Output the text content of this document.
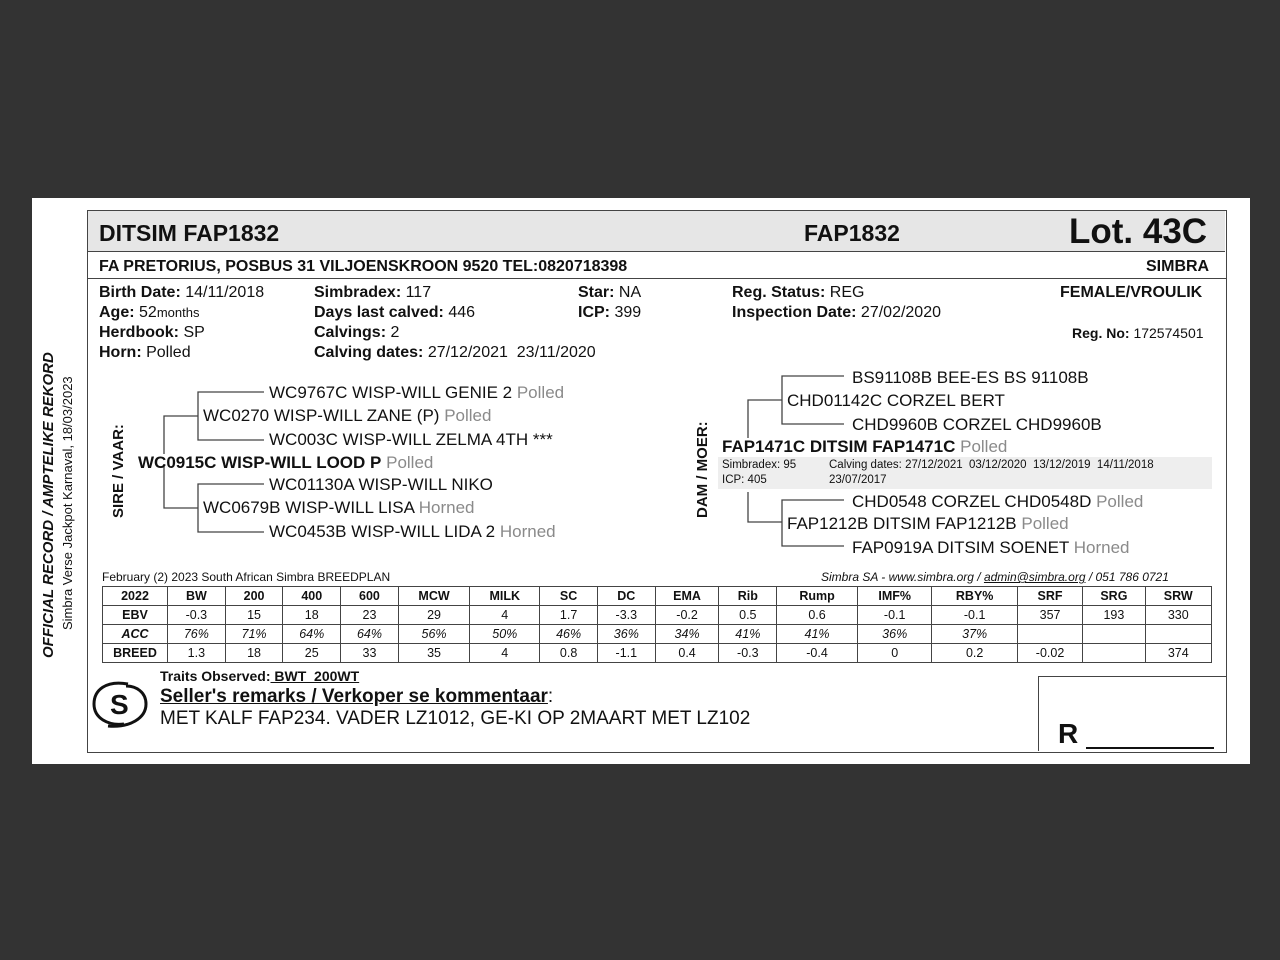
OFFICIAL RECORD / AMPTELIKE REKORD Simbra Verse Jackpot Karnaval, 18/03/2023
DITSIM FAP1832	FAP1832	Lot. 43C
FA PRETORIUS, POSBUS 31 VILJOENSKROON 9520 TEL:0820718398	SIMBRA
Birth Date: 14/11/2018
Age: 52months
Herdbook: SP
Horn: Polled
Simbradex: 117
Days last calved: 446
Calvings: 2
Calving dates: 27/12/2021  23/11/2020
Star: NA
ICP: 399
Reg. Status: REG
Inspection Date: 27/02/2020
FEMALE/VROULIK
Reg. No: 172574501
SIRE / VAAR:
WC9767C WISP-WILL GENIE 2 Polled
WC0270 WISP-WILL ZANE (P) Polled
WC003C WISP-WILL ZELMA 4TH ***
WC0915C WISP-WILL LOOD P Polled
WC01130A WISP-WILL NIKO
WC0679B WISP-WILL LISA Horned
WC0453B WISP-WILL LIDA 2 Horned
DAM / MOER:
BS91108B BEE-ES BS 91108B
CHD01142C CORZEL BERT
CHD9960B CORZEL CHD9960B
FAP1471C DITSIM FAP1471C Polled
Simbradex: 95
ICP: 405
Calving dates: 27/12/2021  03/12/2020  13/12/2019  14/11/2018
23/07/2017
CHD0548 CORZEL CHD0548D Polled
FAP1212B DITSIM FAP1212B Polled
FAP0919A DITSIM SOENET Horned
February (2) 2023 South African Simbra BREEDPLAN	Simbra SA - www.simbra.org / admin@simbra.org / 051 786 0721
2022	BW	200	400	600	MCW	MILK	SC	DC	EMA	Rib	Rump	IMF%	RBY%	SRF	SRG	SRW
EBV	-0.3	15	18	23	29	4	1.7	-3.3	-0.2	0.5	0.6	-0.1	-0.1	357	193	330
ACC	76%	71%	64%	64%	56%	50%	46%	36%	34%	41%	41%	36%	37%			
BREED	1.3	18	25	33	35	4	0.8	-1.1	0.4	-0.3	-0.4	0	0.2	-0.02		374
S
Traits Observed: BWT  200WT
Seller's remarks / Verkoper se kommentaar:
MET KALF FAP234. VADER LZ1012, GE-KI OP 2MAART MET LZ102	R
